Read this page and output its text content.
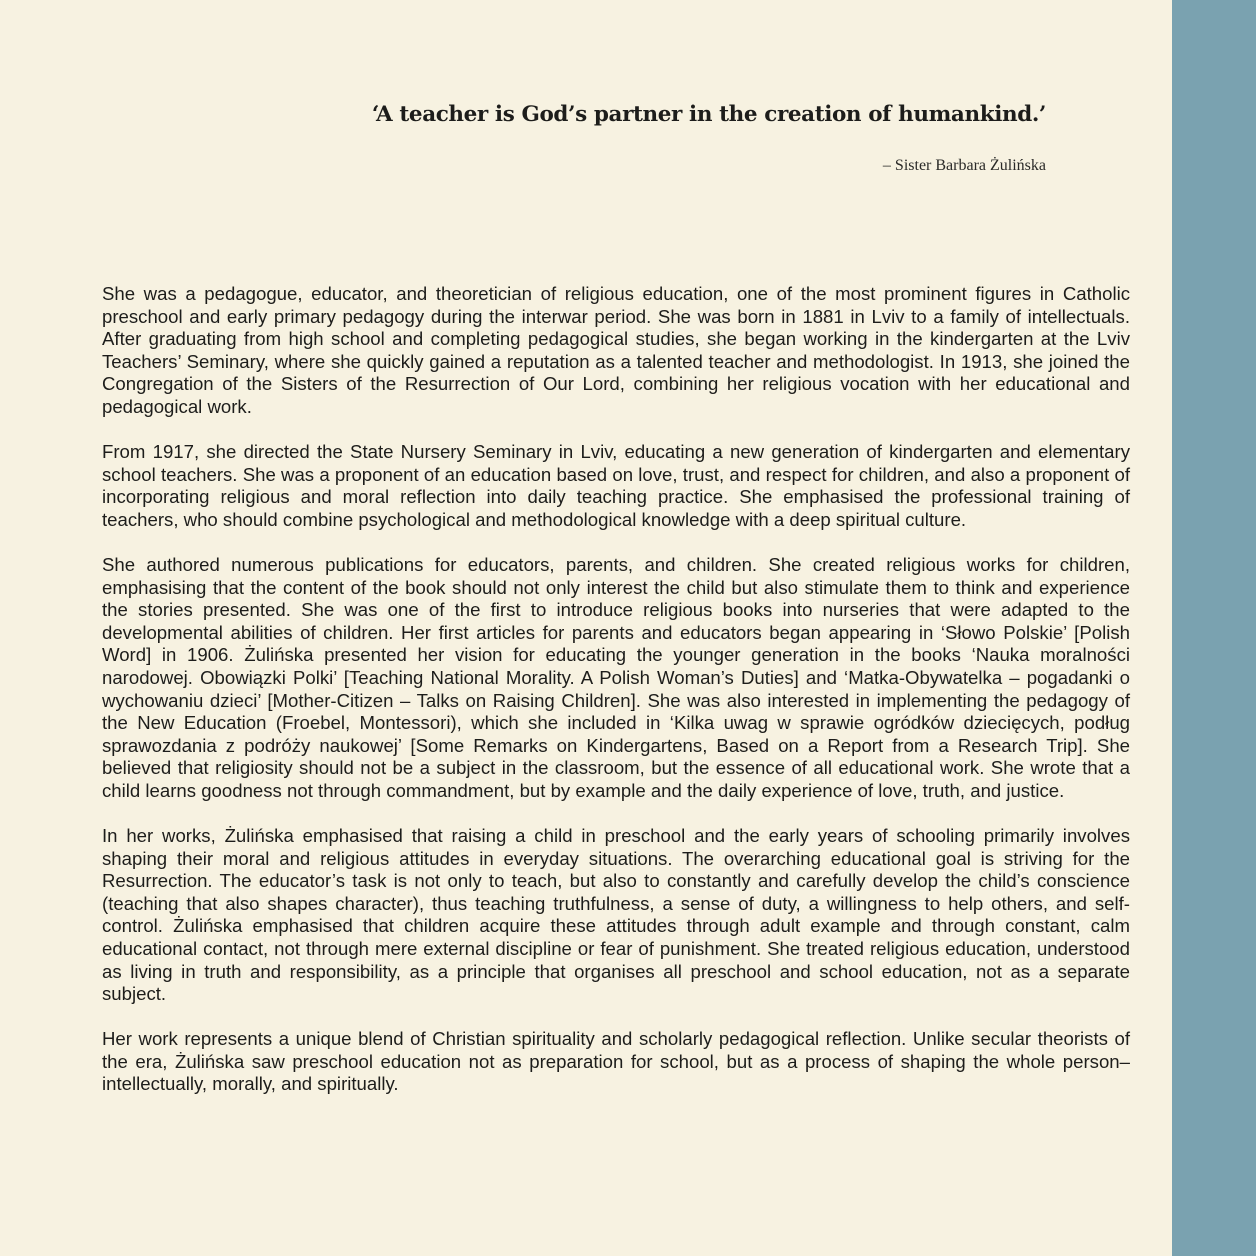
‘A teacher is God’s partner in the creation of humankind.’

– Sister Barbara Żulińska

She was a pedagogue, educator, and theoretician of religious education, one of the most prominent figures in Catholic preschool and early primary pedagogy during the interwar period. She was born in 1881 in Lviv to a family of intellectuals. After graduating from high school and completing pedagogical studies, she began working in the kindergarten at the Lviv Teachers’ Seminary, where she quickly gained a reputation as a talented teacher and methodologist. In 1913, she joined the Congregation of the Sisters of the Resurrection of Our Lord, combining her religious vocation with her educational and pedagogical work.

From 1917, she directed the State Nursery Seminary in Lviv, educating a new generation of kindergarten and elementary school teachers. She was a proponent of an education based on love, trust, and respect for children, and also a proponent of incorporating religious and moral reflection into daily teaching practice. She emphasised the professional training of teachers, who should combine psychological and methodological knowledge with a deep spiritual culture.

She authored numerous publications for educators, parents, and children. She created religious works for children, emphasising that the content of the book should not only interest the child but also stimulate them to think and experience the stories presented. She was one of the first to introduce religious books into nurseries that were adapted to the developmental abilities of children. Her first articles for parents and educators began appearing in ‘Słowo Polskie’ [Polish Word] in 1906. Żulińska presented her vision for educating the younger generation in the books ‘Nauka moralności narodowej. Obowiązki Polki’ [Teaching National Morality. A Polish Woman’s Duties] and ‘Matka-Obywatelka – pogadanki o wychowaniu dzieci’ [Mother-Citizen – Talks on Raising Children]. She was also interested in implementing the pedagogy of the New Education (Froebel, Montessori), which she included in ‘Kilka uwag w sprawie ogródków dziecięcych, podług sprawozdania z podróży naukowej’ [Some Remarks on Kindergartens, Based on a Report from a Research Trip]. She believed that religiosity should not be a subject in the classroom, but the essence of all educational work. She wrote that a child learns goodness not through commandment, but by example and the daily experience of love, truth, and justice.

In her works, Żulińska emphasised that raising a child in preschool and the early years of schooling primarily involves shaping their moral and religious attitudes in everyday situations. The overarching educational goal is striving for the Resurrection. The educator’s task is not only to teach, but also to constantly and carefully develop the child’s conscience (teaching that also shapes character), thus teaching truthfulness, a sense of duty, a willingness to help others, and self-control. Żulińska emphasised that children acquire these attitudes through adult example and through constant, calm educational contact, not through mere external discipline or fear of punishment. She treated religious education, understood as living in truth and responsibility, as a principle that organises all preschool and school education, not as a separate subject.

Her work represents a unique blend of Christian spirituality and scholarly pedagogical reflection. Unlike secular theorists of the era, Żulińska saw preschool education not as preparation for school, but as a process of shaping the whole person–intellectually, morally, and spiritually.
